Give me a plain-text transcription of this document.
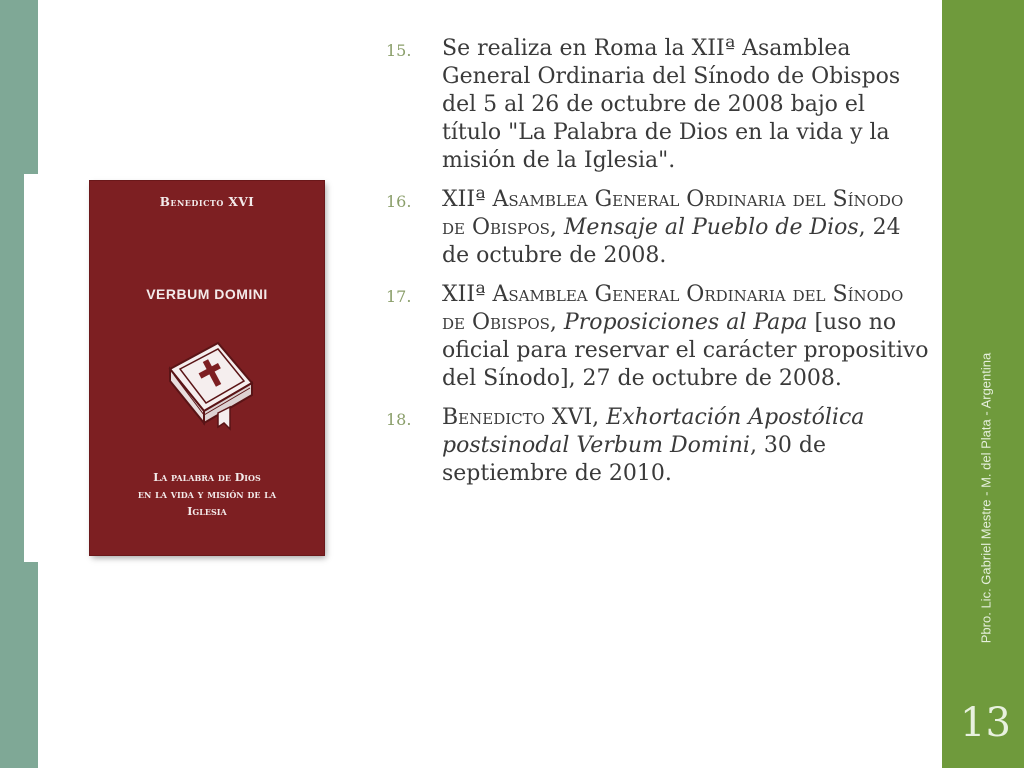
Benedicto XVI
VERBUM DOMINI
La palabra de Dios
en la vida y misión de la
Iglesia
15.	Se realiza en Roma la XIIª Asamblea General Ordinaria del Sínodo de Obispos del 5 al 26 de octubre de 2008 bajo el título "La Palabra de Dios en la vida y la misión de la Iglesia".
16.	XIIª Asamblea General Ordinaria del Sínodo de Obispos, Mensaje al Pueblo de Dios, 24 de octubre de 2008.
17.	XIIª Asamblea General Ordinaria del Sínodo de Obispos, Proposiciones al Papa [uso no oficial para reservar el carácter propositivo del Sínodo], 27 de octubre de 2008.
18.	Benedicto XVI, Exhortación Apostólica postsinodal Verbum Domini, 30 de septiembre de 2010.	Pbro. Lic. Gabriel Mestre - M. del Plata - Argentina
13
